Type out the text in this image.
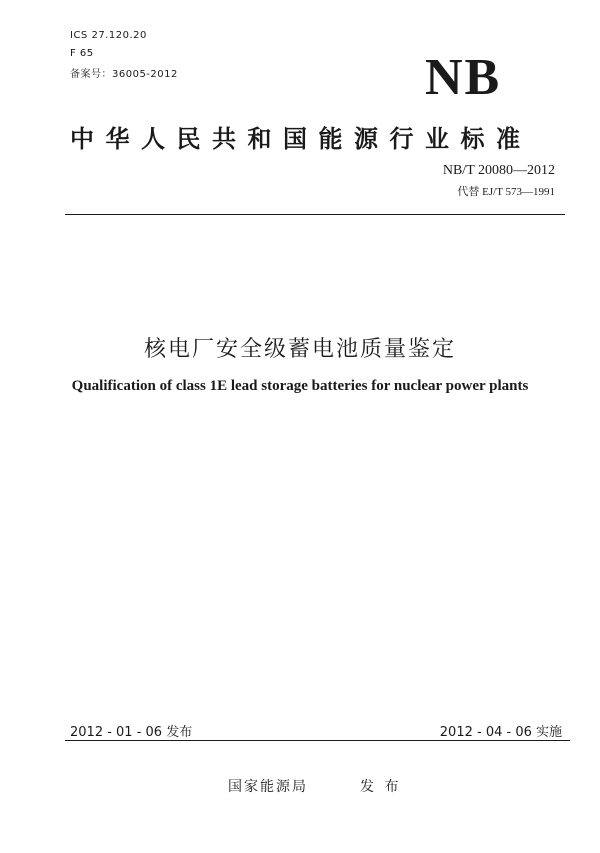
ICS 27.120.20
F 65
备案号：36005-2012	NB
中华人民共和国能源行业标准
NB/T 20080—2012
代替 EJ/T 573—1991
核电厂安全级蓄电池质量鉴定
Qualification of class 1E lead storage batteries for nuclear power plants
2012 - 01 - 06 发布	2012 - 04 - 06 实施
国家能源局	发 布
